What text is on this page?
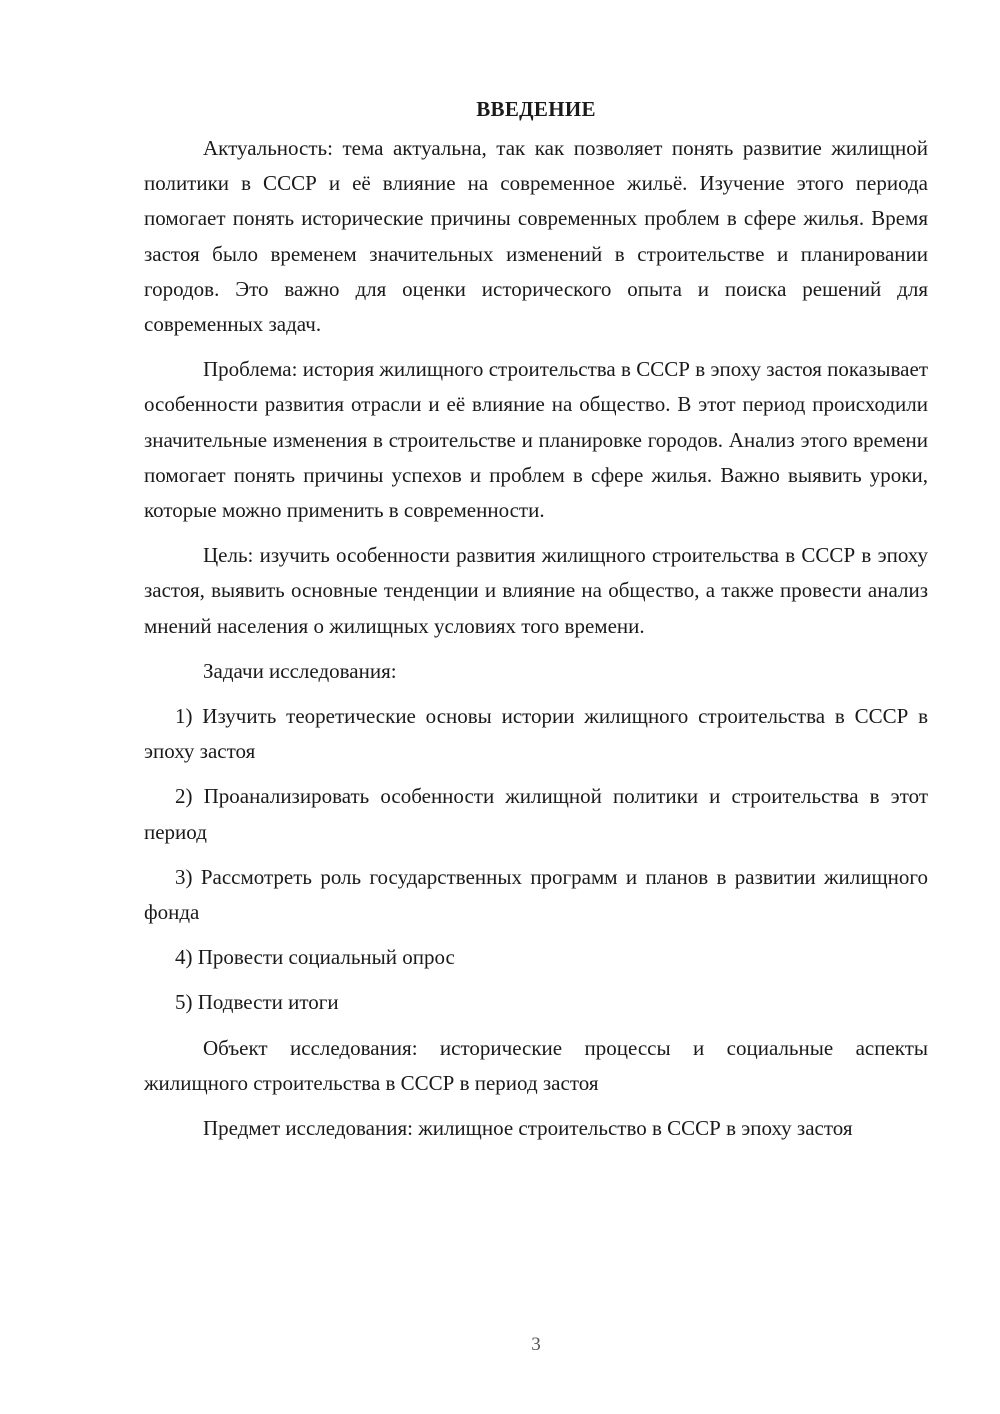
ВВЕДЕНИЕ

Актуальность: тема актуальна, так как позволяет понять развитие жилищной политики в СССР и её влияние на современное жильё. Изучение этого периода помогает понять исторические причины современных проблем в сфере жилья. Время застоя было временем значительных изменений в строительстве и планировании городов. Это важно для оценки исторического опыта и поиска решений для современных задач.

Проблема: история жилищного строительства в СССР в эпоху застоя показывает особенности развития отрасли и её влияние на общество. В этот период происходили значительные изменения в строительстве и планировке городов. Анализ этого времени помогает понять причины успехов и проблем в сфере жилья. Важно выявить уроки, которые можно применить в современности.

Цель: изучить особенности развития жилищного строительства в СССР в эпоху застоя, выявить основные тенденции и влияние на общество, а также провести анализ мнений населения о жилищных условиях того времени.

Задачи исследования:

1) Изучить теоретические основы истории жилищного строительства в СССР в эпоху застоя

2) Проанализировать особенности жилищной политики и строительства в этот период

3) Рассмотреть роль государственных программ и планов в развитии жилищного фонда

4) Провести социальный опрос

5) Подвести итоги

Объект исследования: исторические процессы и социальные аспекты жилищного строительства в СССР в период застоя

Предмет исследования: жилищное строительство в СССР в эпоху застоя

3
